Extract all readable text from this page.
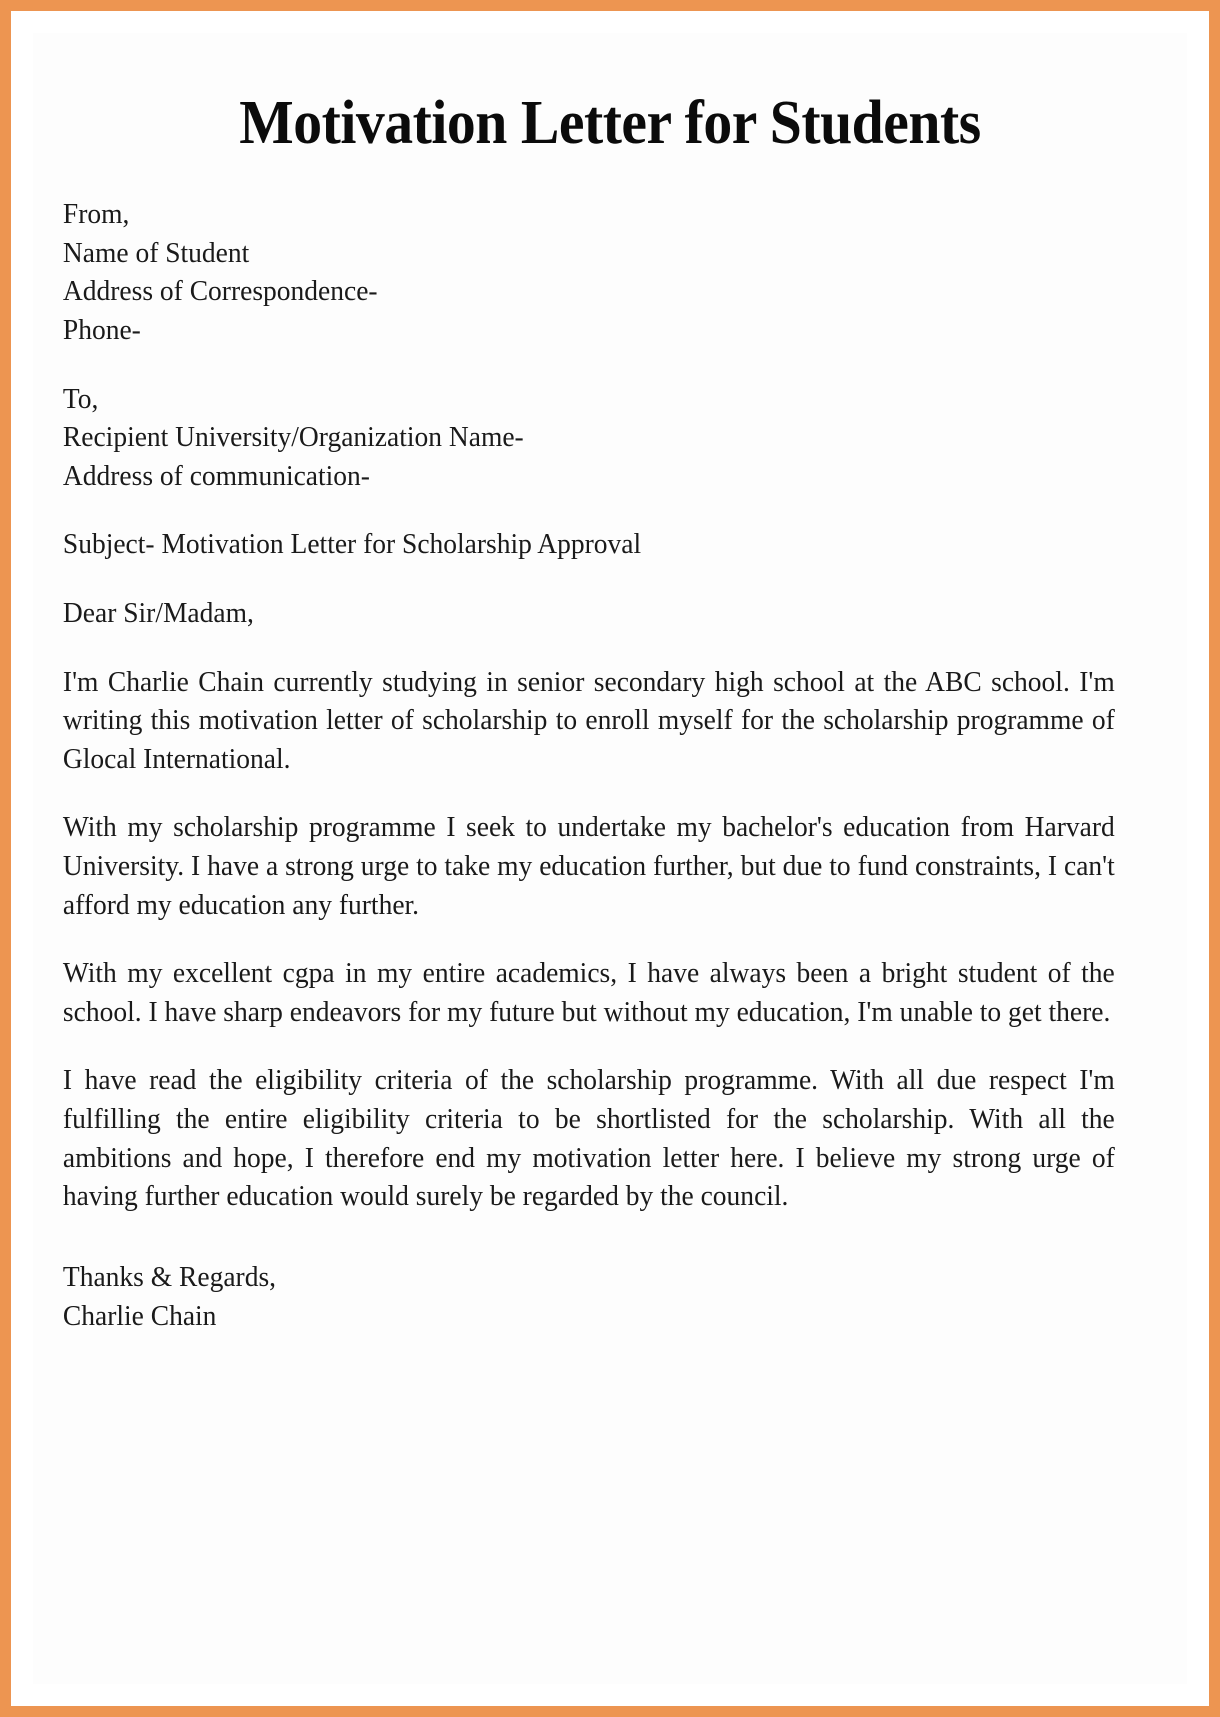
Motivation Letter for Students
From,
Name of Student
Address of Correspondence-
Phone-
To,
Recipient University/Organization Name-
Address of communication-
Subject- Motivation Letter for Scholarship Approval
Dear Sir/Madam,

I'm Charlie Chain currently studying in senior secondary high school at the ABC school. I'm writing this motivation letter of scholarship to enroll myself for the scholarship programme of Glocal International.

With my scholarship programme I seek to undertake my bachelor's education from Harvard University. I have a strong urge to take my education further, but due to fund constraints, I can't afford my education any further.

With my excellent cgpa in my entire academics, I have always been a bright student of the school. I have sharp endeavors for my future but without my education, I'm unable to get there.

I have read the eligibility criteria of the scholarship programme. With all due respect I'm fulfilling the entire eligibility criteria to be shortlisted for the scholarship. With all the ambitions and hope, I therefore end my motivation letter here. I believe my strong urge of having further education would surely be regarded by the council.

Thanks & Regards,
Charlie Chain
